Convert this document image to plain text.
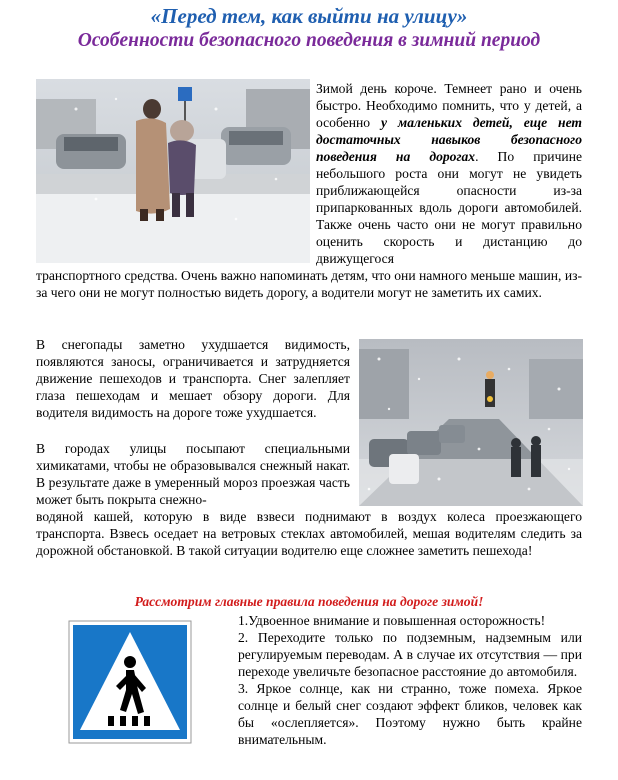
«Перед тем, как выйти на улицу»
Особенности безопасного поведения в зимний период

Зимой день короче. Темнеет рано и очень быстро. Необходимо помнить, что у детей, а особенно у маленьких детей, еще нет достаточных навыков безопасного поведения на дорогах. По причине небольшого роста они могут не увидеть приближающейся опасности из-за припаркованных вдоль дороги автомобилей. Также очень часто они не могут правильно оценить скорость и дистанцию до движущегося

транспортного средства. Очень важно напоминать детям, что они намного меньше машин, из-за чего они не могут полностью видеть дорогу, а водители могут не заметить их самих.

В снегопады заметно ухудшается видимость, появляются заносы, ограничивается и затрудняется движение пешеходов и транспорта. Снег залепляет глаза пешеходам и мешает обзору дороги. Для водителя видимость на дороге тоже ухудшается.

В городах улицы посыпают специальными химикатами, чтобы не образовывался снежный накат. В результате даже в умеренный мороз проезжая часть может быть покрыта снежно-

водяной кашей, которую в виде взвеси поднимают в воздух колеса проезжающего транспорта. Взвесь оседает на ветровых стеклах автомобилей, мешая водителям следить за дорожной обстановкой. В такой ситуации водителю еще сложнее заметить пешехода!

Рассмотрим главные правила поведения на дороге зимой!

1.Удвоенное внимание и повышенная осторожность!
2. Переходите только по подземным, надземным или регулируемым переводам. А в случае их отсутствия — при переходе увеличьте безопасное расстояние до автомобиля.
3. Яркое солнце, как ни странно, тоже помеха. Яркое солнце и белый снег создают эффект бликов, человек как бы «ослепляется». Поэтому нужно быть крайне внимательным.
